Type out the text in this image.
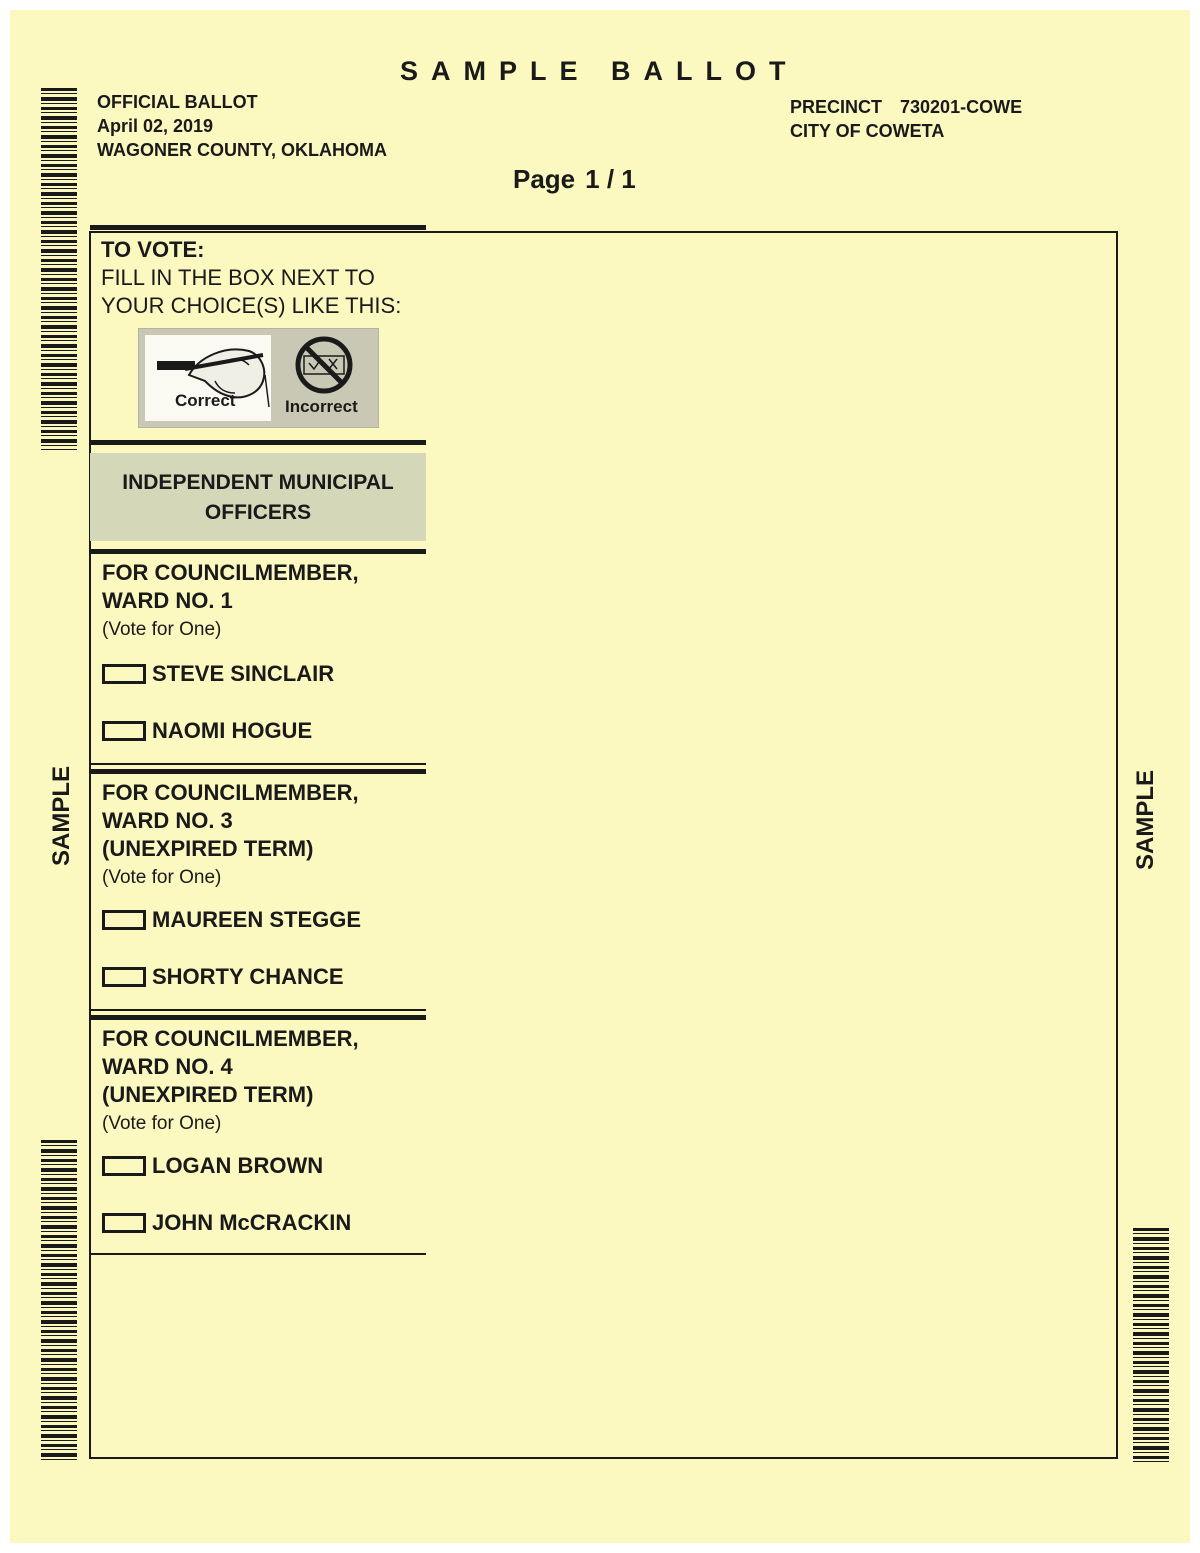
SAMPLE BALLOT
OFFICIAL BALLOT
April 02, 2019
WAGONER COUNTY, OKLAHOMA
PRECINCT 730201-COWE
CITY OF COWETA
Page 1 / 1
TO VOTE:
FILL IN THE BOX NEXT TO
YOUR CHOICE(S) LIKE THIS:
Correct	Incorrect
INDEPENDENT MUNICIPAL
OFFICERS
FOR COUNCILMEMBER,
WARD NO. 1
(Vote for One)
STEVE SINCLAIR
NAOMI HOGUE
FOR COUNCILMEMBER,
WARD NO. 3
(UNEXPIRED TERM)
(Vote for One)
MAUREEN STEGGE
SHORTY CHANCE
FOR COUNCILMEMBER,
WARD NO. 4
(UNEXPIRED TERM)
(Vote for One)
LOGAN BROWN
JOHN McCRACKIN
SAMPLE	SAMPLE
